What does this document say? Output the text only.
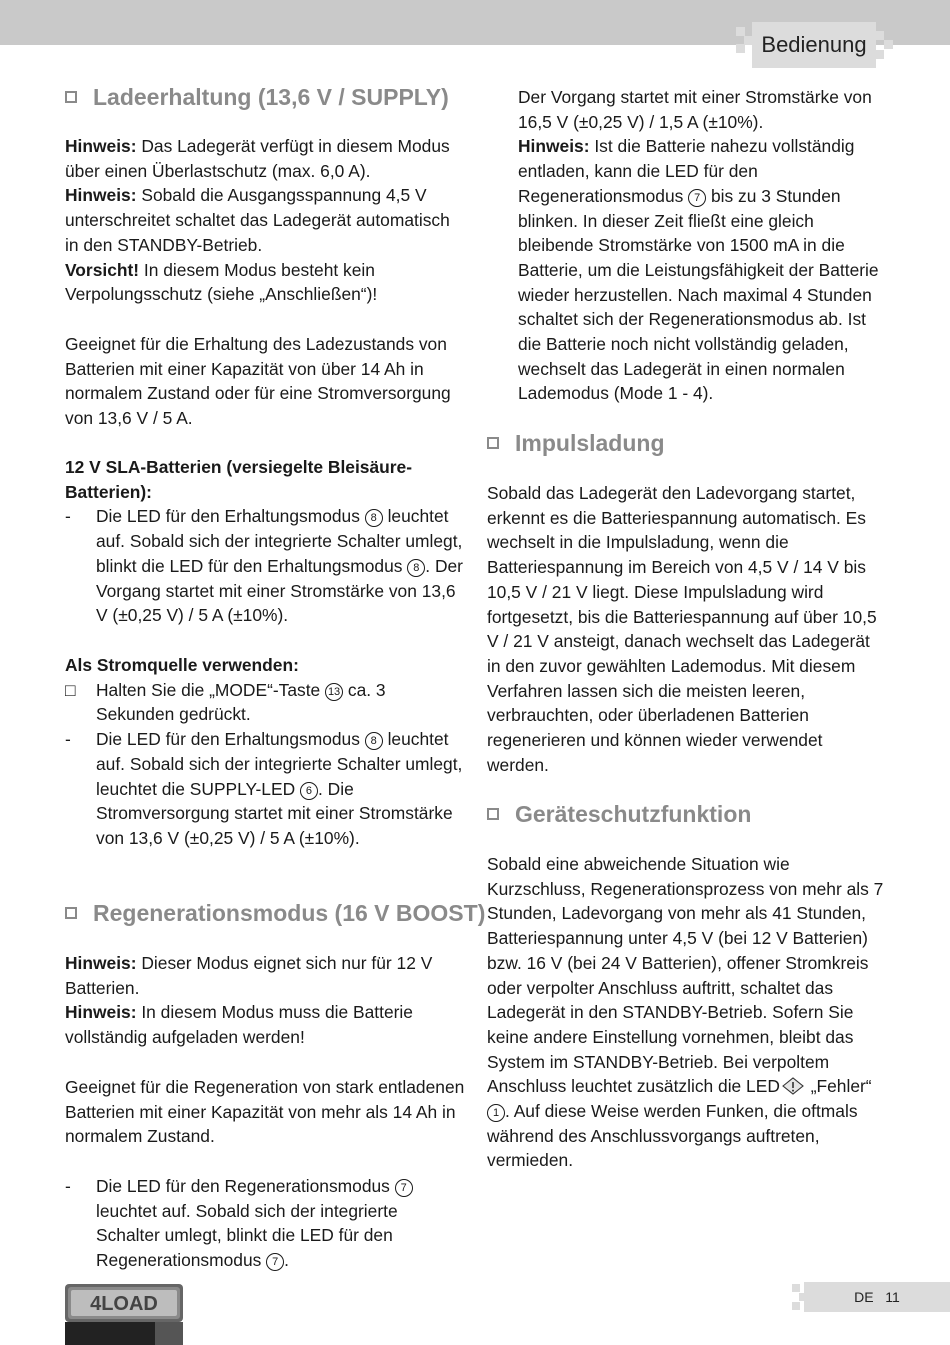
Bedienung
Ladeerhaltung (13,6 V / SUPPLY)

Hinweis: Das Ladegerät verfügt in diesem Modus über einen Überlastschutz (max. 6,0 A).

Hinweis: Sobald die Ausgangsspannung 4,5 V unterschreitet schaltet das Ladegerät automatisch in den STANDBY-Betrieb.

Vorsicht! In diesem Modus besteht kein Verpolungsschutz (siehe „Anschließen“)!

Geeignet für die Erhaltung des Ladezustands von Batterien mit einer Kapazität von über 14 Ah in normalem Zustand oder für eine Stromversorgung von 13,6 V / 5 A.

12 V SLA-Batterien (versiegelte Bleisäure-Batterien):

- Die LED für den Erhaltungsmodus 8 leuchtet auf. Sobald sich der integrierte Schalter umlegt, blinkt die LED für den Erhaltungsmodus 8 . Der Vorgang startet mit einer Stromstärke von 13,6 V (±0,25 V) / 5 A (±10%).

Als Stromquelle verwenden:

□ Halten Sie die „MODE“-Taste 13 ca. 3 Sekunden gedrückt.
- Die LED für den Erhaltungsmodus 8 leuchtet auf. Sobald sich der integrierte Schalter umlegt, leuchtet die SUPPLY-LED 6 . Die Stromversorgung startet mit einer Stromstärke von 13,6 V (±0,25 V) / 5 A (±10%).
Regenerationsmodus (16 V BOOST)

Hinweis: Dieser Modus eignet sich nur für 12 V Batterien.

Hinweis: In diesem Modus muss die Batterie vollständig aufgeladen werden!

Geeignet für die Regeneration von stark entladenen Batterien mit einer Kapazität von mehr als 14 Ah in normalem Zustand.

- Die LED für den Regenerationsmodus 7 leuchtet auf. Sobald sich der integrierte Schalter umlegt, blinkt die LED für den Regenerationsmodus 7 .

Der Vorgang startet mit einer Stromstärke von 16,5 V (±0,25 V) / 1,5 A (±10%).

Hinweis: Ist die Batterie nahezu vollständig entladen, kann die LED für den Regenerationsmodus 7 bis zu 3 Stunden blinken. In dieser Zeit fließt eine gleich bleibende Stromstärke von 1500 mA in die Batterie, um die Leistungsfähigkeit der Batterie wieder herzustellen. Nach maximal 4 Stunden schaltet sich der Regenerationsmodus ab. Ist die Batterie noch nicht vollständig geladen, wechselt das Ladegerät in einen normalen Lademodus (Mode 1 - 4).

Impulsladung

Sobald das Ladegerät den Ladevorgang startet, erkennt es die Batteriespannung automatisch. Es wechselt in die Impulsladung, wenn die Batteriespannung im Bereich von 4,5 V / 14 V bis 10,5 V / 21 V liegt. Diese Impulsladung wird fortgesetzt, bis die Batteriespannung auf über 10,5 V / 21 V ansteigt, danach wechselt das Ladegerät in den zuvor gewählten Lademodus. Mit diesem Verfahren lassen sich die meisten leeren, verbrauchten, oder überladenen Batterien regenerieren und können wieder verwendet werden.

Geräteschutzfunktion

Sobald eine abweichende Situation wie Kurzschluss, Regenerationsprozess von mehr als 7 Stunden, Ladevorgang von mehr als 41 Stunden, Batteriespannung unter 4,5 V (bei 12 V Batterien) bzw. 16 V (bei 24 V Batterien), offener Stromkreis oder verpolter Anschluss auftritt, schaltet das Ladegerät in den STANDBY-Betrieb. Sofern Sie keine andere Einstellung vornehmen, bleibt das System im STANDBY-Betrieb. Bei verpoltem Anschluss leuchtet zusätzlich die LED „Fehler“ 1 . Auf diese Weise werden Funken, die oftmals während des Anschlussvorgangs auftreten, vermieden.

DE 11
4LOAD
